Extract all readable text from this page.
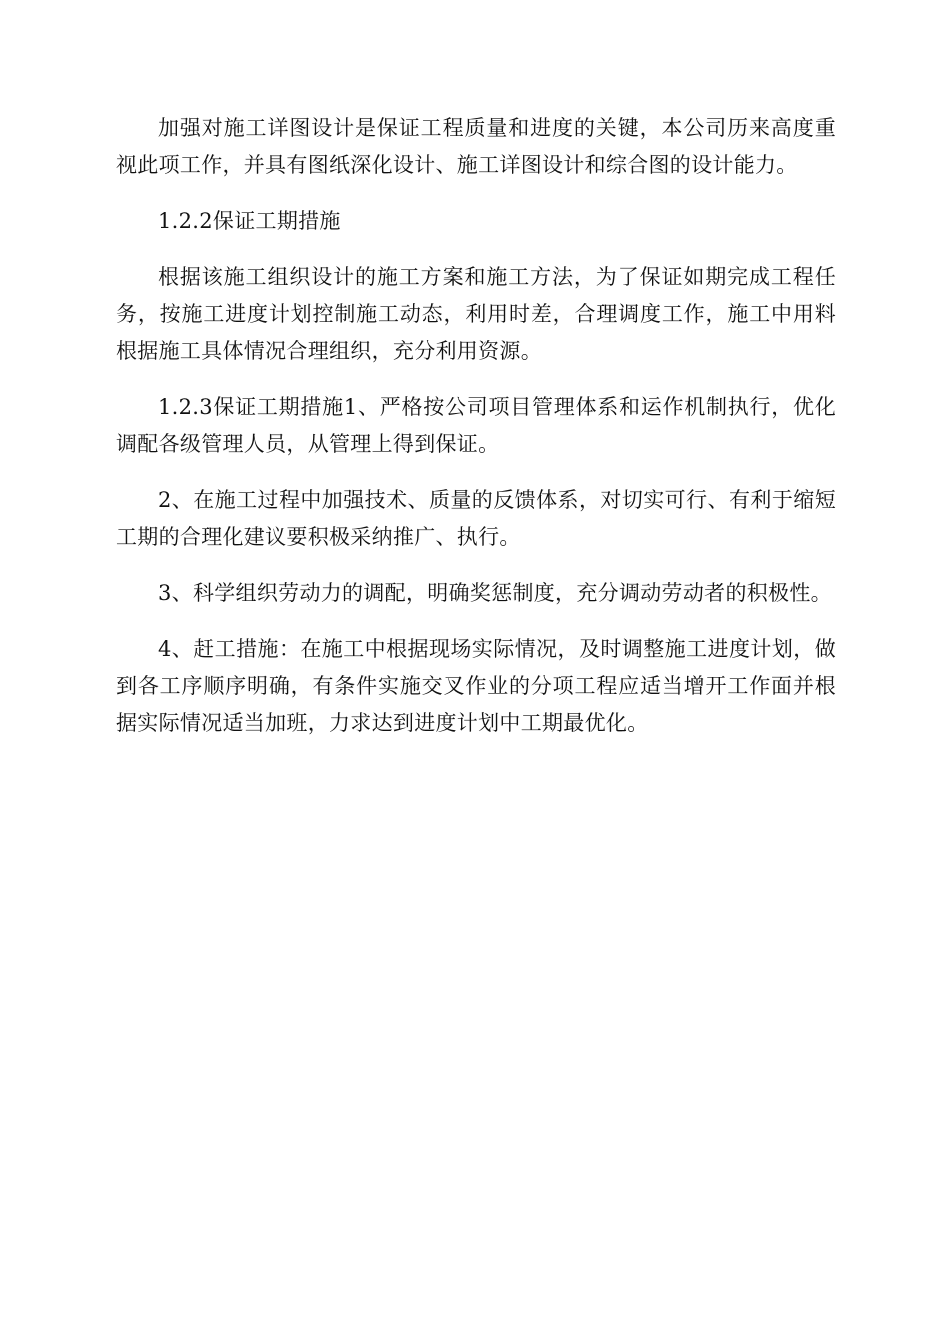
加强对施工详图设计是保证工程质量和进度的关键，本公司历来高度重视此项工作，并具有图纸深化设计、施工详图设计和综合图的设计能力。

1.2.2保证工期措施

根据该施工组织设计的施工方案和施工方法，为了保证如期完成工程任务，按施工进度计划控制施工动态，利用时差，合理调度工作，施工中用料根据施工具体情况合理组织，充分利用资源。

1.2.3保证工期措施1、严格按公司项目管理体系和运作机制执行，优化调配各级管理人员，从管理上得到保证。

2、在施工过程中加强技术、质量的反馈体系，对切实可行、有利于缩短工期的合理化建议要积极采纳推广、执行。

3、科学组织劳动力的调配，明确奖惩制度，充分调动劳动者的积极性。

4、赶工措施：在施工中根据现场实际情况，及时调整施工进度计划，做到各工序顺序明确，有条件实施交叉作业的分项工程应适当增开工作面并根据实际情况适当加班，力求达到进度计划中工期最优化。
